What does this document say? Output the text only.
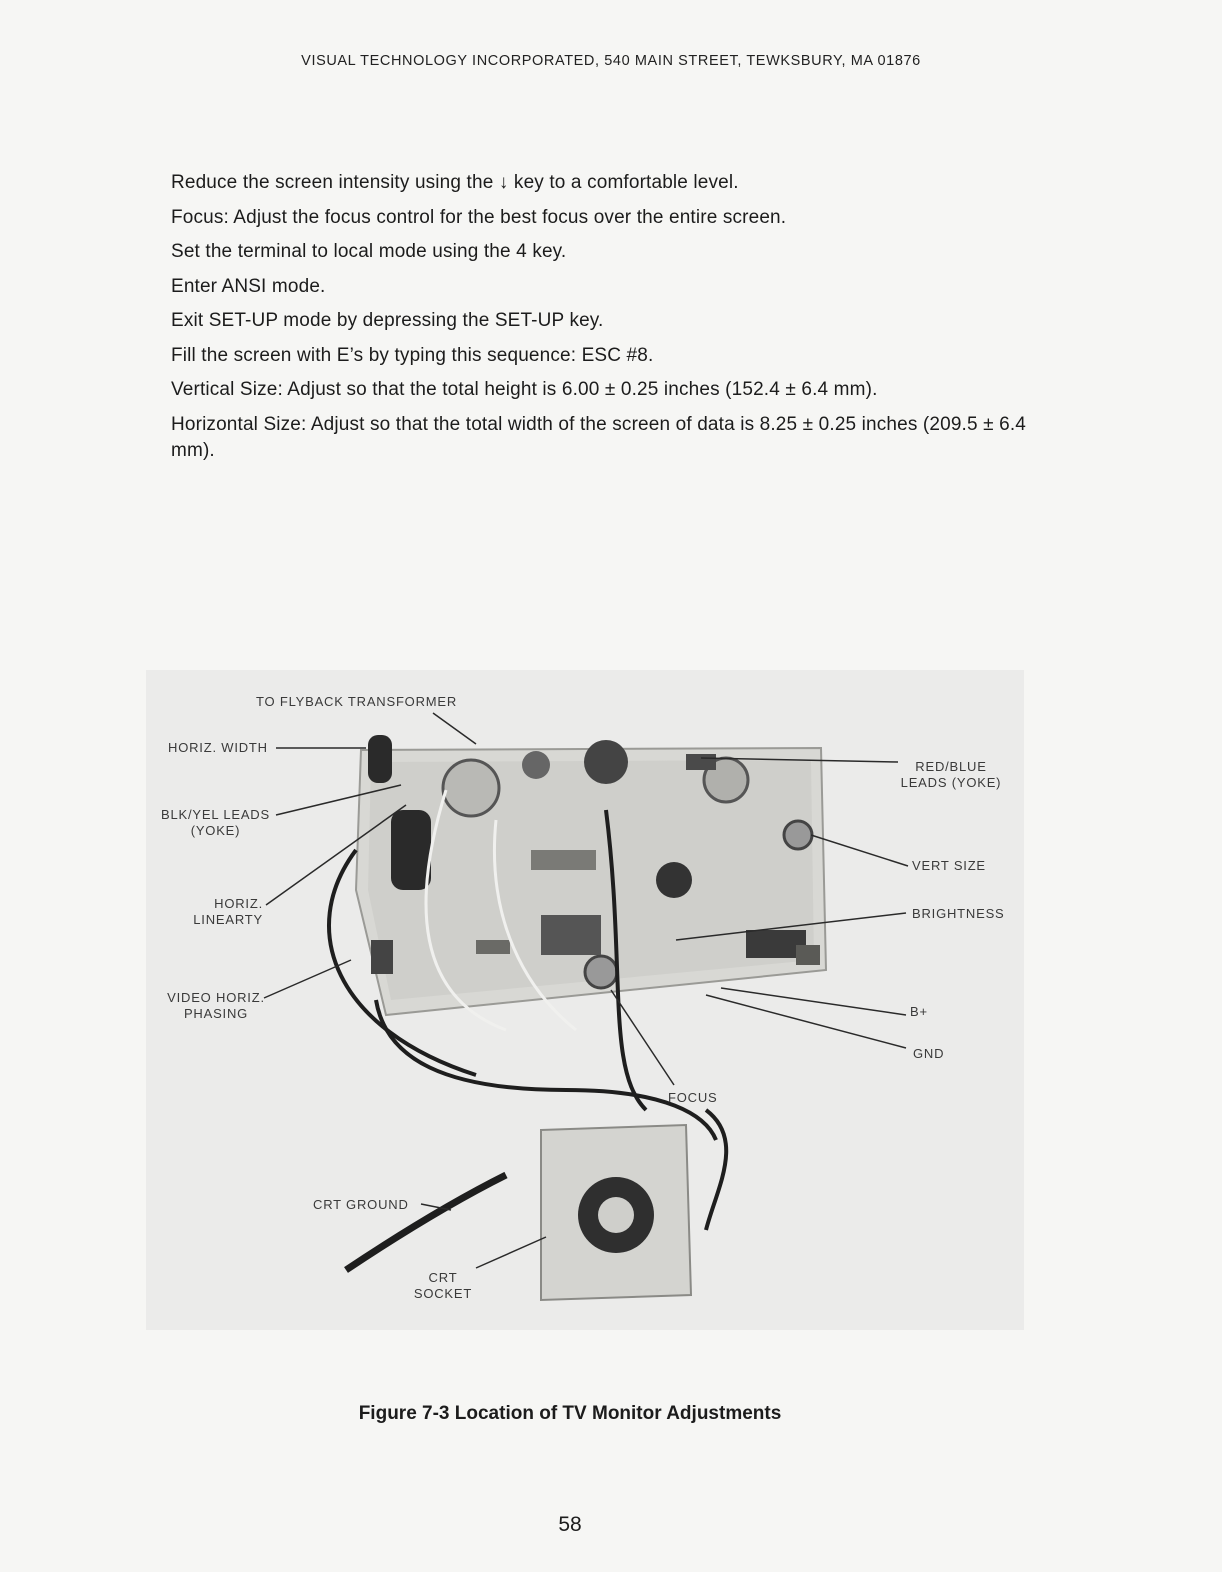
VISUAL TECHNOLOGY INCORPORATED, 540 MAIN STREET, TEWKSBURY, MA 01876

Reduce the screen intensity using the ↓ key to a comfortable level.

Focus: Adjust the focus control for the best focus over the entire screen.

Set the terminal to local mode using the 4 key.

Enter ANSI mode.

Exit SET-UP mode by depressing the SET-UP key.

Fill the screen with E’s by typing this sequence: ESC #8.

Vertical Size: Adjust so that the total height is 6.00 ± 0.25 inches (152.4 ± 6.4 mm).

Horizontal Size: Adjust so that the total width of the screen of data is 8.25 ± 0.25 inches (209.5 ± 6.4 mm).

TO FLYBACK TRANSFORMER
HORIZ. WIDTH
BLK/YEL LEADS
(YOKE)
HORIZ.
LINEARTY
VIDEO HORIZ.
PHASING
RED/BLUE
LEADS (YOKE)
VERT SIZE
BRIGHTNESS
B+
GND
FOCUS
CRT GROUND
CRT
SOCKET
Figure 7-3 Location of TV Monitor Adjustments
58
